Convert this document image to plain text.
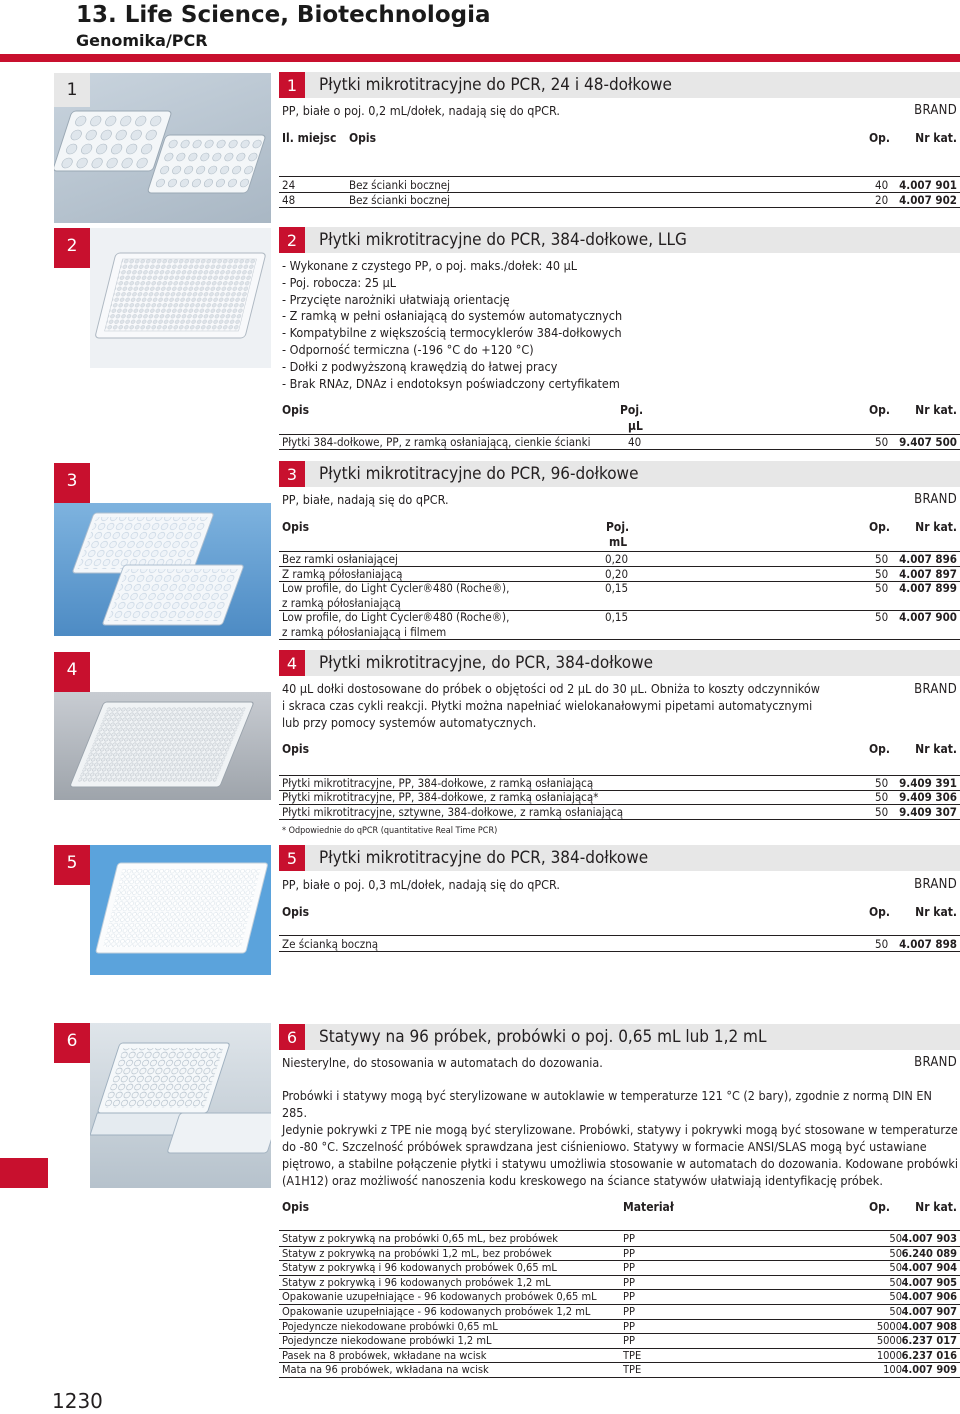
13. Life Science, Biotechnologia
Genomika/PCR
1
2
3
4
5
6
1	Płytki mikrotitracyjne do PCR, 24 i 48-dołkowe
PP, białe o poj. 0,2 mL/dołek, nadają się do qPCR.	BRAND
Il. miejsc Opis	Op. Nr kat.
24	Bez ścianki bocznej	40 4.007 901
48	Bez ścianki bocznej	20 4.007 902
2	Płytki mikrotitracyjne do PCR, 384-dołkowe, LLG
- Wykonane z czystego PP, o poj. maks./dołek: 40 µL
- Poj. robocza: 25 µL
- Przycięte narożniki ułatwiają orientację
- Z ramką w pełni osłaniającą do systemów automatycznych
- Kompatybilne z większością termocyklerów 384-dołkowych
- Odporność termiczna (-196 °C do +120 °C)
- Dołki z podwyższoną krawędzią do łatwej pracy
- Brak RNAz, DNAz i endotoksyn poświadczony certyfikatem
Opis	Poj.	Op. Nr kat.
µL
Płytki 384-dołkowe, PP, z ramką osłaniającą, cienkie ścianki	40	50 9.407 500
3	Płytki mikrotitracyjne do PCR, 96-dołkowe
PP, białe, nadają się do qPCR.	BRAND
Opis	Poj.	Op. Nr kat.
mL
Bez ramki osłaniającej	0,20	50 4.007 896
Z ramką półosłaniającą	0,20	50 4.007 897
Low profile, do Light Cycler®480 (Roche®),
z ramką półosłaniającą
0,15	50 4.007 899
Low profile, do Light Cycler®480 (Roche®),
z ramką półosłaniającą i filmem
0,15	50 4.007 900
4	Płytki mikrotitracyjne, do PCR, 384-dołkowe
40 µL dołki dostosowane do próbek o objętości od 2 µL do 30 µL. Obniża to koszty odczynników
i skraca czas cykli reakcji. Płytki można napełniać wielokanałowymi pipetami automatycznymi
lub przy pomocy systemów automatycznych.
BRAND
Opis	Op. Nr kat.
Płytki mikrotitracyjne, PP, 384-dołkowe, z ramką osłaniającą	50 9.409 391
Płytki mikrotitracyjne, PP, 384-dołkowe, z ramką osłaniającą*	50 9.409 306
Płytki mikrotitracyjne, sztywne, 384-dołkowe, z ramką osłaniającą	50 9.409 307
* Odpowiednie do qPCR (quantitative Real Time PCR)
5	Płytki mikrotitracyjne do PCR, 384-dołkowe
PP, białe o poj. 0,3 mL/dołek, nadają się do qPCR.	BRAND
Opis	Op. Nr kat.
Ze ścianką boczną	50 4.007 898
6	Statywy na 96 próbek, probówki o poj. 0,65 mL lub 1,2 mL
Niesterylne, do stosowania w automatach do dozowania.	BRAND
Probówki i statywy mogą być sterylizowane w autoklawie w temperaturze 121 °C (2 bary), zgodnie z normą DIN EN 285.
Jedynie pokrywki z TPE nie mogą być sterylizowane. Probówki, statywy i pokrywki mogą być stosowane w temperaturze
do -80 °C. Szczelność próbówek sprawdzana jest ciśnieniowo. Statywy w formacie ANSI/SLAS mogą być ustawiane
piętrowo, a stabilne połączenie płytki i statywu umożliwia stosowanie w automatach do dozowania. Kodowane probówki
(A1H12) oraz możliwość nanoszenia kodu kreskowego na ściance statywów ułatwiają identyfikację próbek.
Opis	Materiał	Op. Nr kat.
Statyw z pokrywką na probówki 0,65 mL, bez probówek	PP	50 4.007 903
Statyw z pokrywką na probówki 1,2 mL, bez probówek	PP	50 6.240 089
Statyw z pokrywką i 96 kodowanych probówek 0,65 mL	PP	50 4.007 904
Statyw z pokrywką i 96 kodowanych probówek 1,2 mL	PP	50 4.007 905
Opakowanie uzupełniające - 96 kodowanych probówek 0,65 mL PP	50 4.007 906
Opakowanie uzupełniające - 96 kodowanych probówek 1,2 mL	PP	50 4.007 907
Pojedyncze niekodowane probówki 0,65 mL	PP	5000 4.007 908
Pojedyncze niekodowane probówki 1,2 mL	PP	5000 6.237 017
Pasek na 8 probówek, wkładane na wcisk	TPE	1000 6.237 016
Mata na 96 probówek, wkładana na wcisk	TPE	100 4.007 909
1230
